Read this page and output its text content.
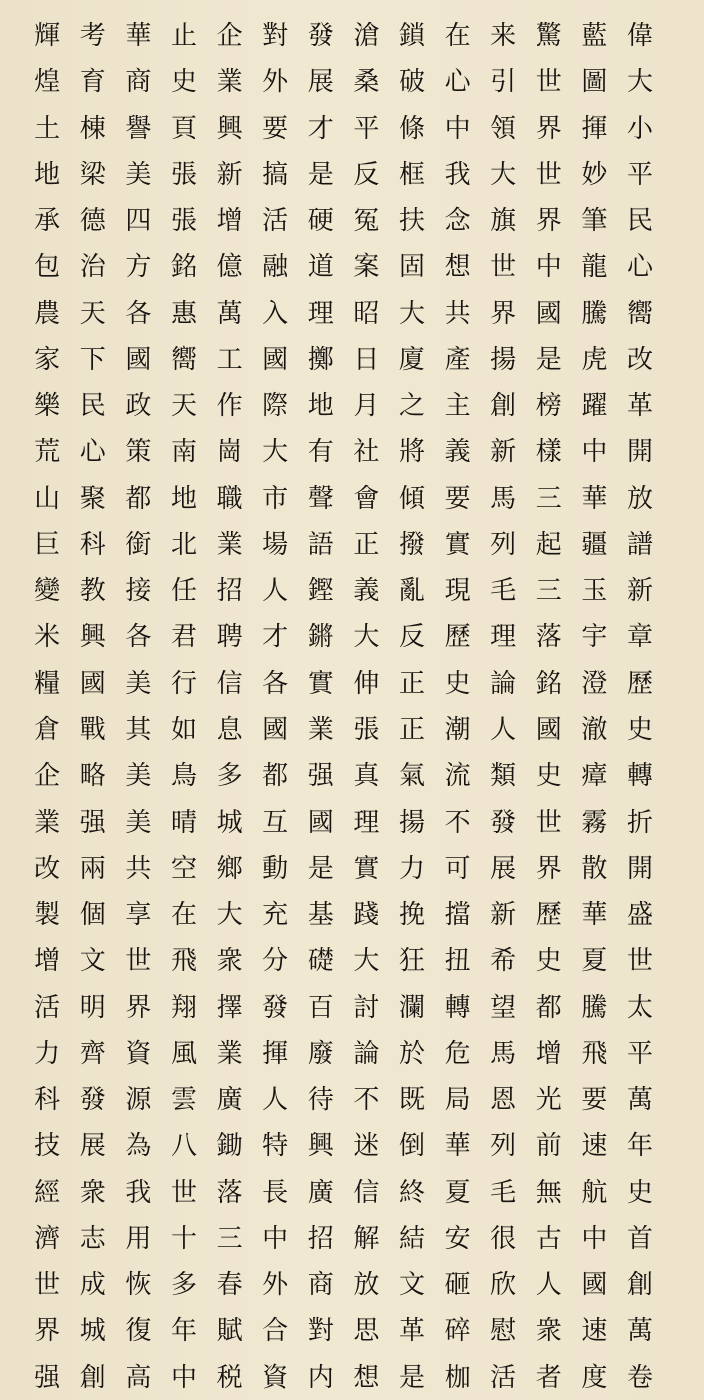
偉
大
小
平
民
心
嚮
改
革
開
放
譜
新
章
歷
史
轉
折
開
盛
世
太
平
萬
年
史
首
創
萬
卷
藍
圖
揮
妙
筆
龍
騰
虎
躍
中
華
疆
玉
宇
澄
澈
瘴
霧
散
華
夏
騰
飛
要
速
航
中
國
速
度
驚
世
界
世
界
中
國
是
榜
樣
三
起
三
落
銘
國
史
世
界
歷
史
都
增
光
前
無
古
人
衆
者
来
引
領
大
旗
世
界
揚
創
新
馬
列
毛
理
論
人
類
發
展
新
希
望
馬
恩
列
毛
很
欣
慰
活
在
心
中
我
念
想
共
產
主
義
要
實
現
歷
史
潮
流
不
可
擋
扭
轉
危
局
華
夏
安
砸
碎
枷
鎖
破
條
框
扶
固
大
廈
之
將
傾
撥
亂
反
正
正
氣
揚
力
挽
狂
瀾
於
既
倒
終
結
文
革
是
滄
桑
平
反
冤
案
昭
日
月
社
會
正
義
大
伸
張
真
理
實
踐
大
討
論
不
迷
信
解
放
思
想
發
展
才
是
硬
道
理
擲
地
有
聲
語
鏗
鏘
實
業
强
國
是
基
礎
百
廢
待
興
廣
招
商
對
内
對
外
要
搞
活
融
入
國
際
大
市
場
人
才
各
國
都
互
動
充
分
發
揮
人
特
長
中
外
合
資
企
業
興
新
增
億
萬
工
作
崗
職
業
招
聘
信
息
多
城
鄉
大
衆
擇
業
廣
鋤
落
三
春
賦
税
止
史
頁
張
張
銘
惠
嚮
天
南
地
北
任
君
行
如
鳥
晴
空
在
飛
翔
風
雲
八
世
十
多
年
中
華
商
譽
美
四
方
各
國
政
策
都
銜
接
各
美
其
美
美
共
享
世
界
資
源
為
我
用
恢
復
高
考
育
棟
梁
德
治
天
下
民
心
聚
科
教
興
國
戰
略
强
兩
個
文
明
齊
發
展
衆
志
成
城
創
輝
煌
土
地
承
包
農
家
樂
荒
山
巨
變
米
糧
倉
企
業
改
製
增
活
力
科
技
經
濟
世
界
强
